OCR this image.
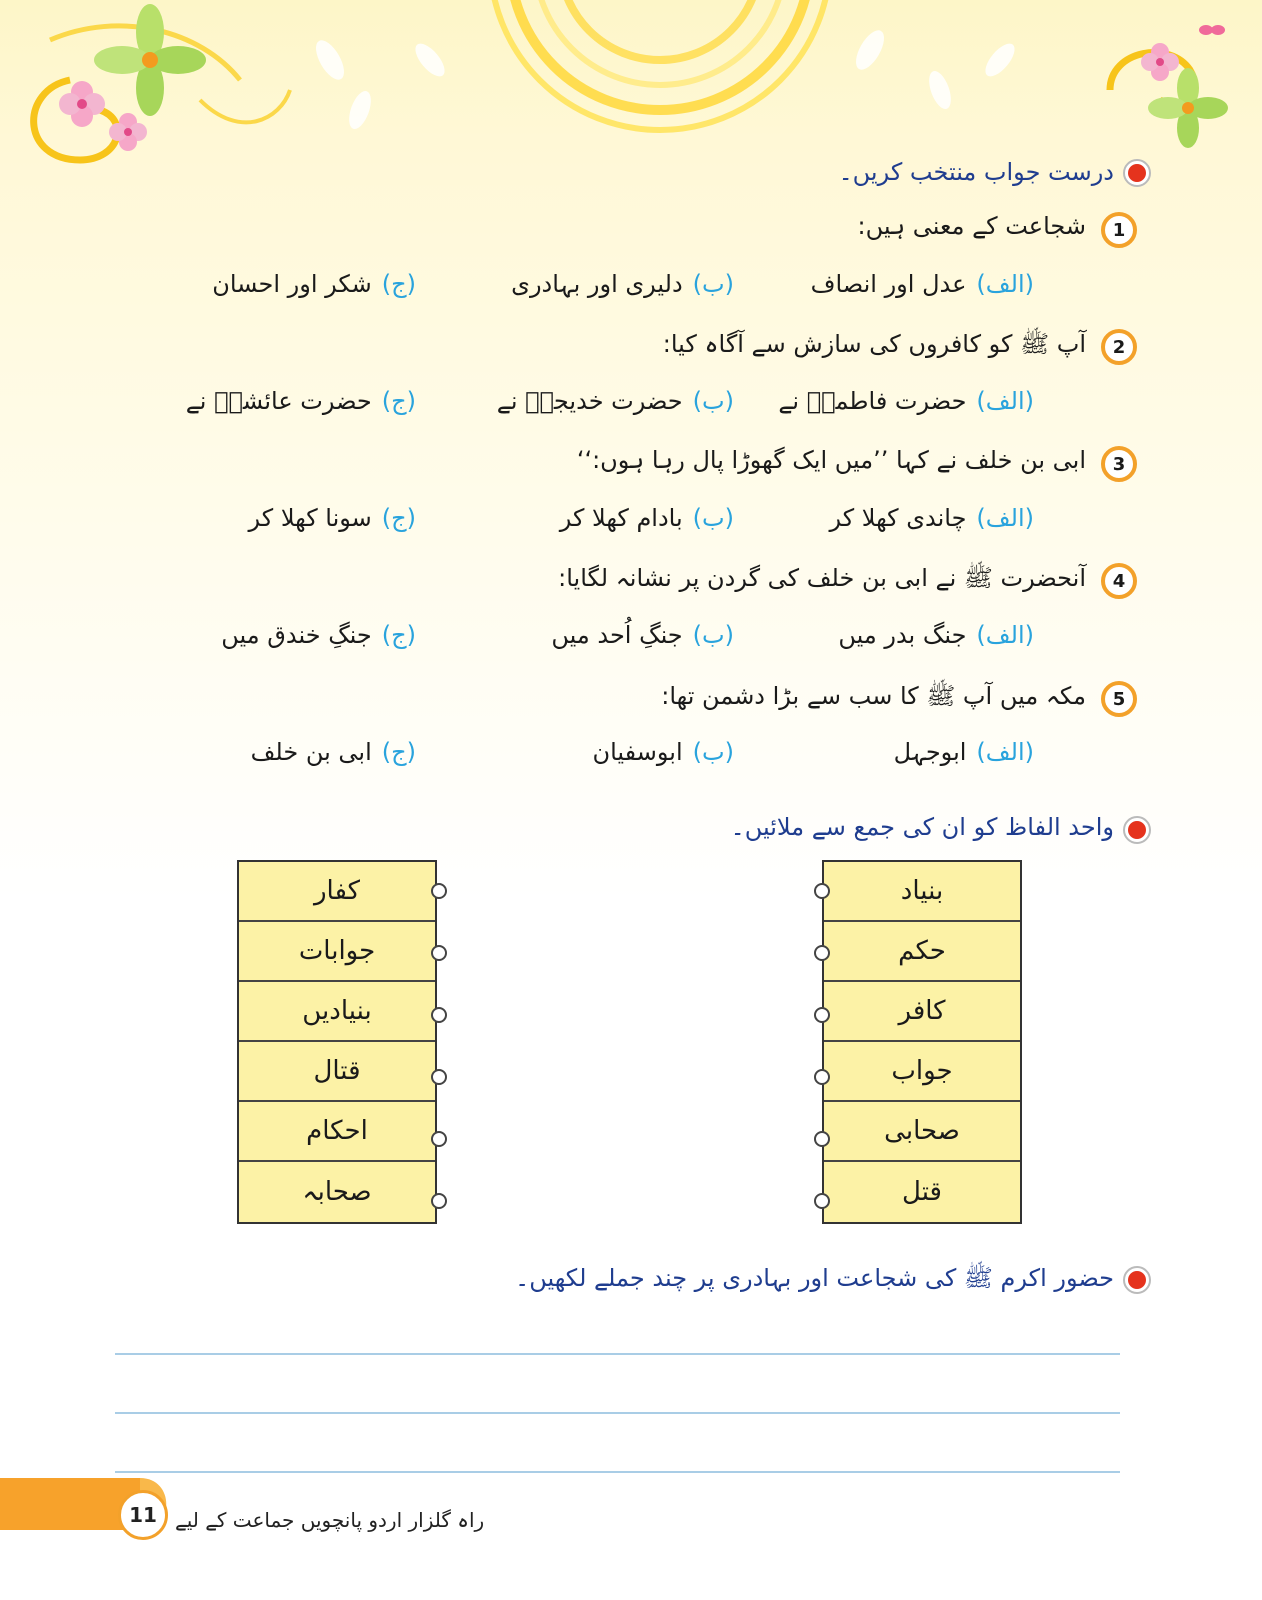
درست جواب منتخب کریں۔
1
شجاعت کے معنی ہیں:
(الف)عدل اور انصاف
(ب)دلیری اور بہادری
(ج)شکر اور احسان
2
آپ ﷺ کو کافروں کی سازش سے آگاہ کیا:
(الف)حضرت فاطمہؓ نے
(ب)حضرت خدیجہؓ نے
(ج)حضرت عائشہؓ نے
3
ابی بن خلف نے کہا ’’میں ایک گھوڑا پال رہا ہوں:‘‘
(الف)چاندی کھلا کر
(ب)بادام کھلا کر
(ج)سونا کھلا کر
4
آنحضرت ﷺ نے ابی بن خلف کی گردن پر نشانہ لگایا:
(الف)جنگ بدر میں
(ب)جنگِ اُحد میں
(ج)جنگِ خندق میں
5
مکہ میں آپ ﷺ کا سب سے بڑا دشمن تھا:
(الف)ابوجہل
(ب)ابوسفیان
(ج)ابی بن خلف
واحد الفاظ کو ان کی جمع سے ملائیں۔
بنیاد
حکم
کافر
جواب
صحابی
قتل
کفار
جوابات
بنیادیں
قتال
احکام
صحابہ
حضور اکرم ﷺ کی شجاعت اور بہادری پر چند جملے لکھیں۔
11 راہ گلزار اردو پانچویں جماعت کے لیے
